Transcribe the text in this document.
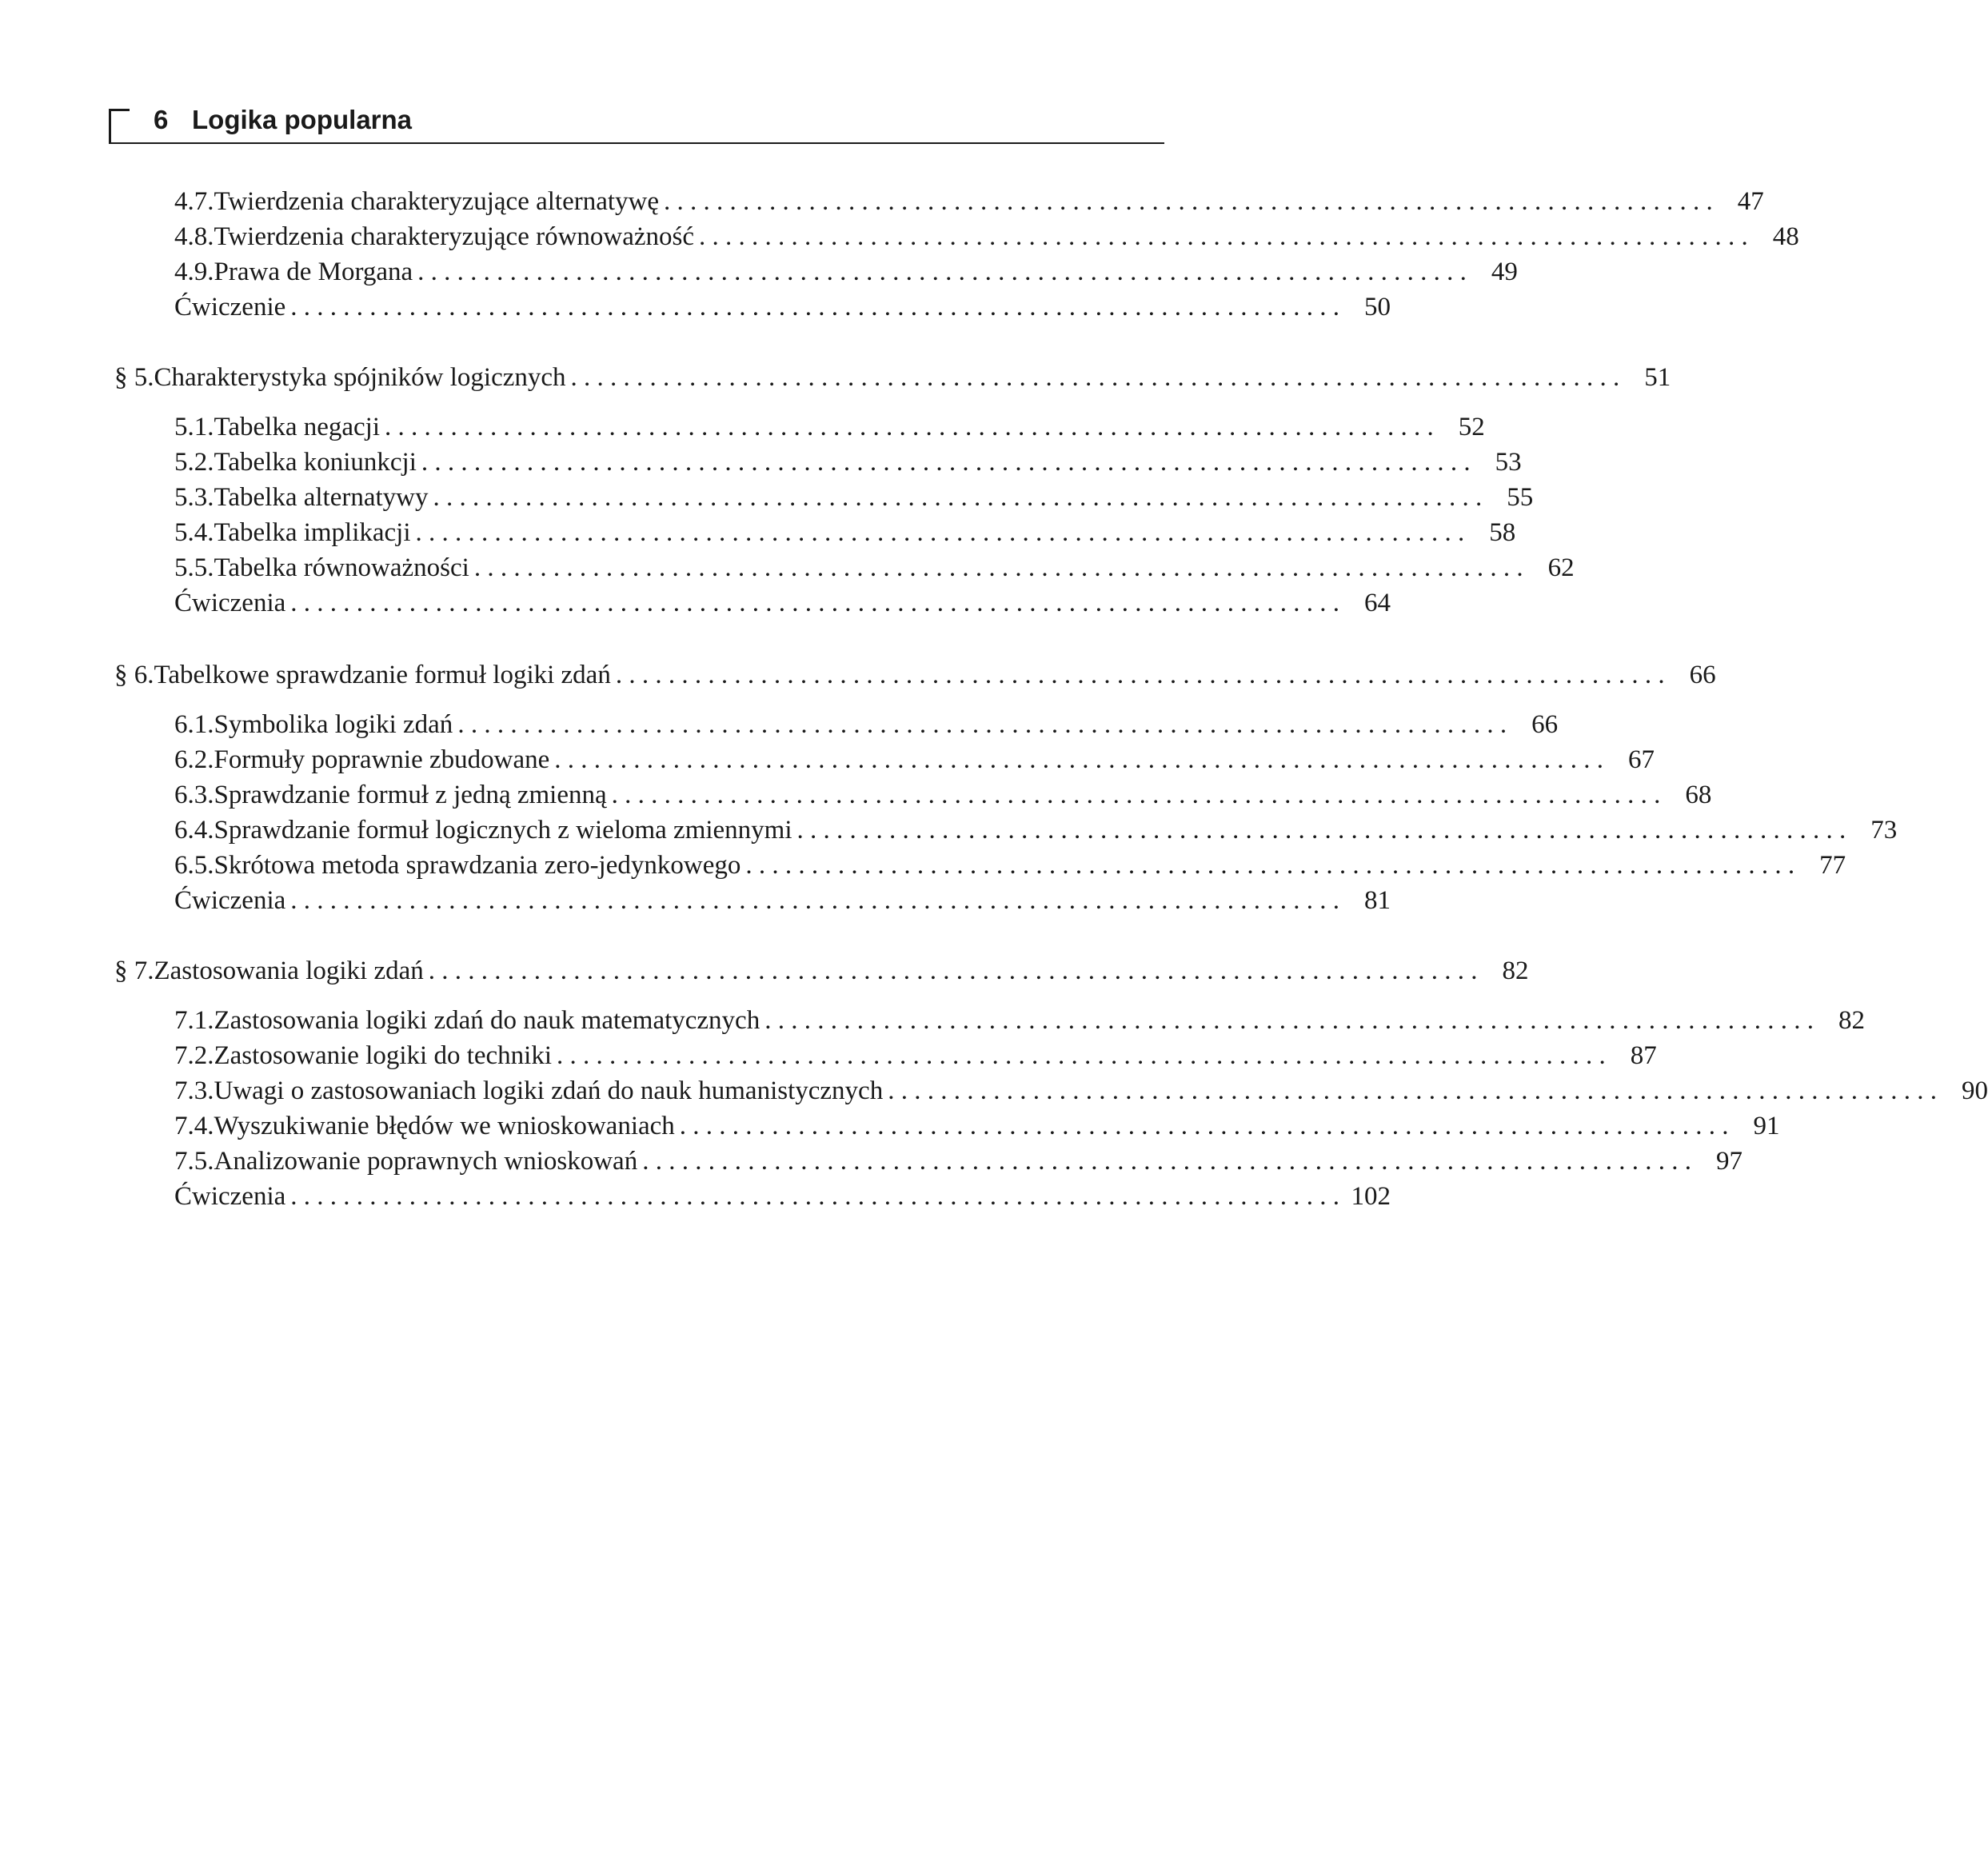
6 Logika popularna
4.7. Twierdzenia charakteryzujące alternatywę . . . . . . . . . . . . . . . . . . . . . . . . . . . . . . . . . . . . . . . . . . . . . . . . . . . . . . . . . . . . . . . . . . . . . . . . . . . . . . . . 47
4.8. Twierdzenia charakteryzujące równoważność . . . . . . . . . . . . . . . . . . . . . . . . . . . . . . . . . . . . . . . . . . . . . . . . . . . . . . . . . . . . . . . . . . . . . . . . . . . . . . . . 48
4.9. Prawa de Morgana . . . . . . . . . . . . . . . . . . . . . . . . . . . . . . . . . . . . . . . . . . . . . . . . . . . . . . . . . . . . . . . . . . . . . . . . . . . . . . . . 49
Ćwiczenie . . . . . . . . . . . . . . . . . . . . . . . . . . . . . . . . . . . . . . . . . . . . . . . . . . . . . . . . . . . . . . . . . . . . . . . . . . . . . . . . 50
§ 5. Charakterystyka spójników logicznych . . . . . . . . . . . . . . . . . . . . . . . . . . . . . . . . . . . . . . . . . . . . . . . . . . . . . . . . . . . . . . . . . . . . . . . . . . . . . . . . 51
5.1. Tabelka negacji . . . . . . . . . . . . . . . . . . . . . . . . . . . . . . . . . . . . . . . . . . . . . . . . . . . . . . . . . . . . . . . . . . . . . . . . . . . . . . . . 52
5.2. Tabelka koniunkcji . . . . . . . . . . . . . . . . . . . . . . . . . . . . . . . . . . . . . . . . . . . . . . . . . . . . . . . . . . . . . . . . . . . . . . . . . . . . . . . . 53
5.3. Tabelka alternatywy . . . . . . . . . . . . . . . . . . . . . . . . . . . . . . . . . . . . . . . . . . . . . . . . . . . . . . . . . . . . . . . . . . . . . . . . . . . . . . . . 55
5.4. Tabelka implikacji . . . . . . . . . . . . . . . . . . . . . . . . . . . . . . . . . . . . . . . . . . . . . . . . . . . . . . . . . . . . . . . . . . . . . . . . . . . . . . . . 58
5.5. Tabelka równoważności . . . . . . . . . . . . . . . . . . . . . . . . . . . . . . . . . . . . . . . . . . . . . . . . . . . . . . . . . . . . . . . . . . . . . . . . . . . . . . . . 62
Ćwiczenia . . . . . . . . . . . . . . . . . . . . . . . . . . . . . . . . . . . . . . . . . . . . . . . . . . . . . . . . . . . . . . . . . . . . . . . . . . . . . . . . 64
§ 6. Tabelkowe sprawdzanie formuł logiki zdań . . . . . . . . . . . . . . . . . . . . . . . . . . . . . . . . . . . . . . . . . . . . . . . . . . . . . . . . . . . . . . . . . . . . . . . . . . . . . . . . 66
6.1. Symbolika logiki zdań . . . . . . . . . . . . . . . . . . . . . . . . . . . . . . . . . . . . . . . . . . . . . . . . . . . . . . . . . . . . . . . . . . . . . . . . . . . . . . . . 66
6.2. Formuły poprawnie zbudowane . . . . . . . . . . . . . . . . . . . . . . . . . . . . . . . . . . . . . . . . . . . . . . . . . . . . . . . . . . . . . . . . . . . . . . . . . . . . . . . . 67
6.3. Sprawdzanie formuł z jedną zmienną . . . . . . . . . . . . . . . . . . . . . . . . . . . . . . . . . . . . . . . . . . . . . . . . . . . . . . . . . . . . . . . . . . . . . . . . . . . . . . . . 68
6.4. Sprawdzanie formuł logicznych z wieloma zmiennymi . . . . . . . . . . . . . . . . . . . . . . . . . . . . . . . . . . . . . . . . . . . . . . . . . . . . . . . . . . . . . . . . . . . . . . . . . . . . . . . . 73
6.5. Skrótowa metoda sprawdzania zero-jedynkowego . . . . . . . . . . . . . . . . . . . . . . . . . . . . . . . . . . . . . . . . . . . . . . . . . . . . . . . . . . . . . . . . . . . . . . . . . . . . . . . . 77
Ćwiczenia . . . . . . . . . . . . . . . . . . . . . . . . . . . . . . . . . . . . . . . . . . . . . . . . . . . . . . . . . . . . . . . . . . . . . . . . . . . . . . . . 81
§ 7. Zastosowania logiki zdań . . . . . . . . . . . . . . . . . . . . . . . . . . . . . . . . . . . . . . . . . . . . . . . . . . . . . . . . . . . . . . . . . . . . . . . . . . . . . . . . 82
7.1. Zastosowania logiki zdań do nauk matematycznych . . . . . . . . . . . . . . . . . . . . . . . . . . . . . . . . . . . . . . . . . . . . . . . . . . . . . . . . . . . . . . . . . . . . . . . . . . . . . . . . 82
7.2. Zastosowanie logiki do techniki . . . . . . . . . . . . . . . . . . . . . . . . . . . . . . . . . . . . . . . . . . . . . . . . . . . . . . . . . . . . . . . . . . . . . . . . . . . . . . . . 87
7.3. Uwagi o zastosowaniach logiki zdań do nauk humanistycznych . . . . . . . . . . . . . . . . . . . . . . . . . . . . . . . . . . . . . . . . . . . . . . . . . . . . . . . . . . . . . . . . . . . . . . . . . . . . . . . . 90
7.4. Wyszukiwanie błędów we wnioskowaniach . . . . . . . . . . . . . . . . . . . . . . . . . . . . . . . . . . . . . . . . . . . . . . . . . . . . . . . . . . . . . . . . . . . . . . . . . . . . . . . . 91
7.5. Analizowanie poprawnych wnioskowań . . . . . . . . . . . . . . . . . . . . . . . . . . . . . . . . . . . . . . . . . . . . . . . . . . . . . . . . . . . . . . . . . . . . . . . . . . . . . . . . 97
Ćwiczenia . . . . . . . . . . . . . . . . . . . . . . . . . . . . . . . . . . . . . . . . . . . . . . . . . . . . . . . . . . . . . . . . . . . . . . . . . . . . . . . . 102
